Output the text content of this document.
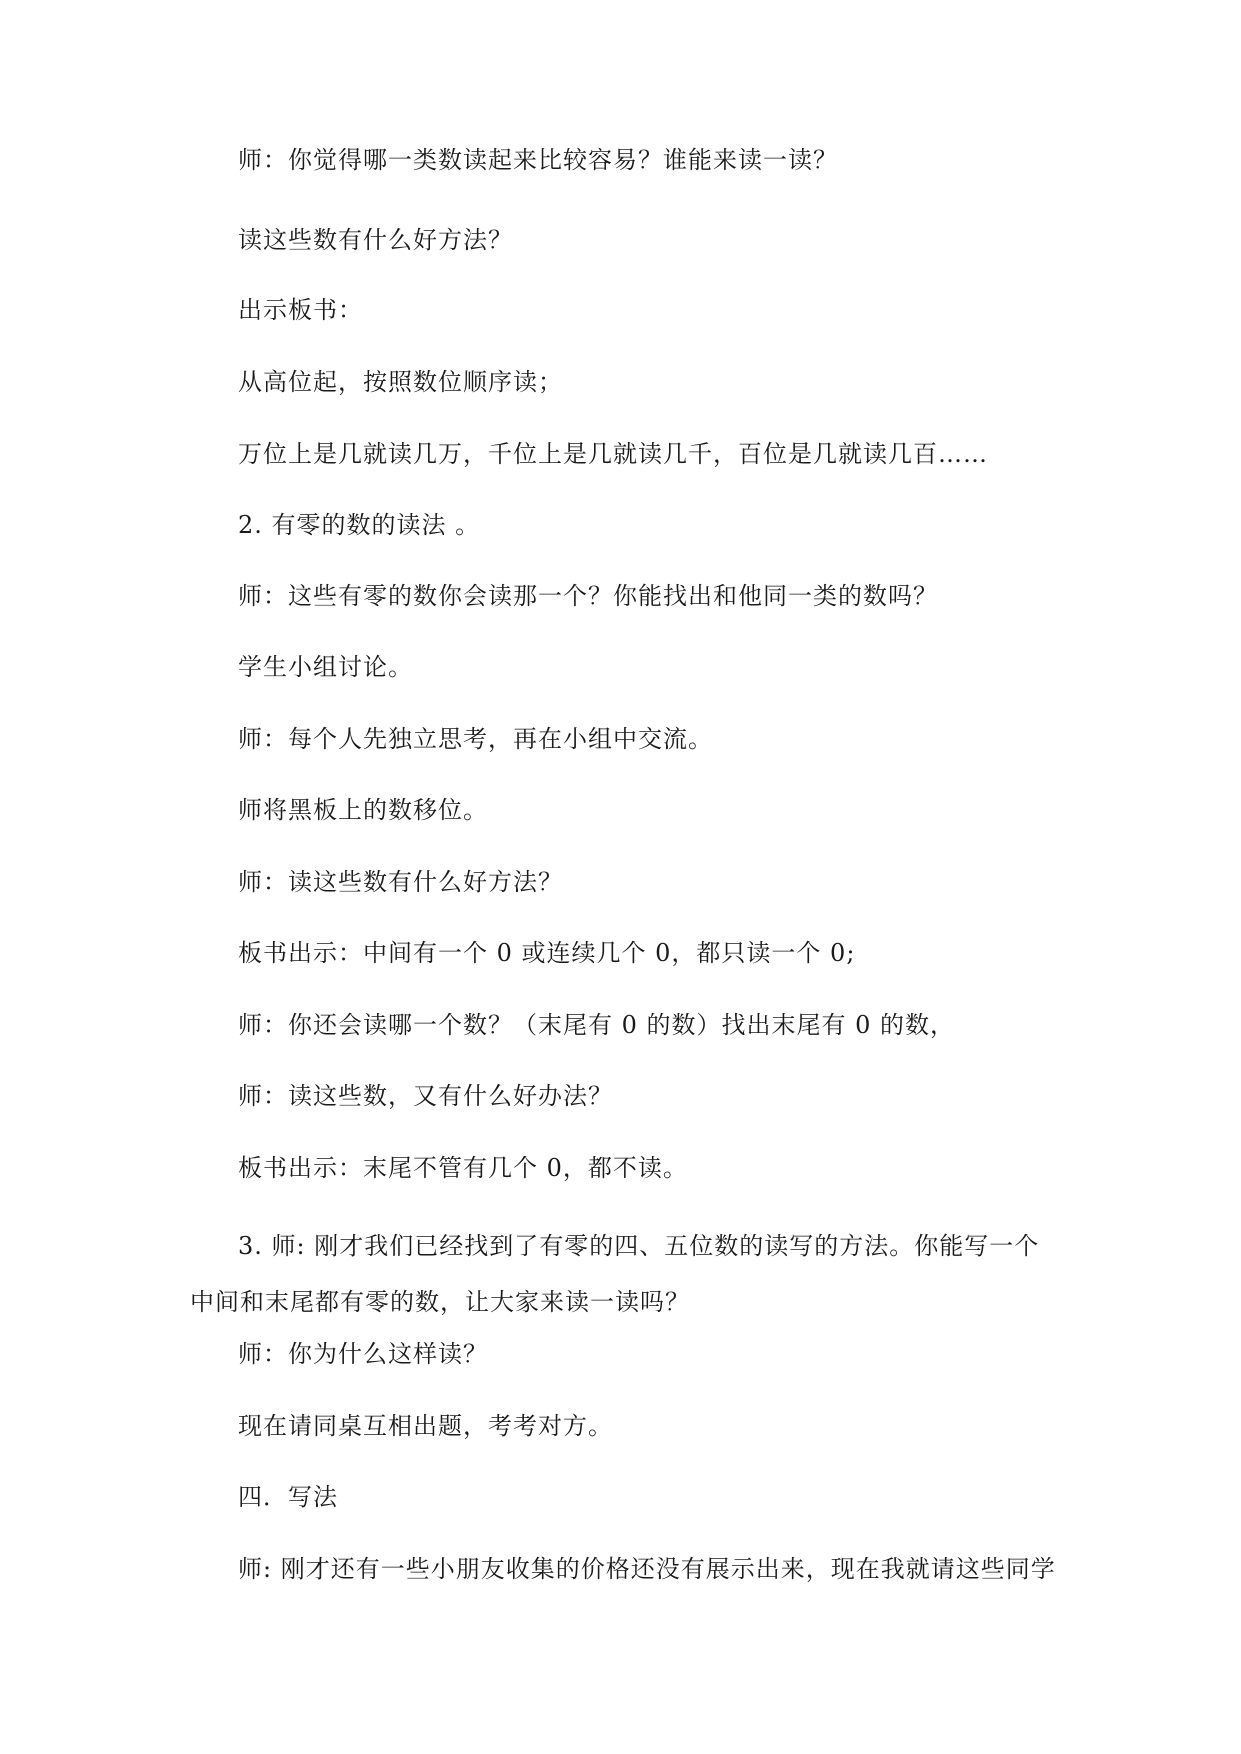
师：你觉得哪一类数读起来比较容易？谁能来读一读？

读这些数有什么好方法？

出示板书：

从高位起，按照数位顺序读；

万位上是几就读几万，千位上是几就读几千，百位是几就读几百……

2. 有零的数的读法 。

师：这些有零的数你会读那一个？你能找出和他同一类的数吗？

学生小组讨论。

师：每个人先独立思考，再在小组中交流。

师将黑板上的数移位。

师：读这些数有什么好方法？

板书出示：中间有一个 0 或连续几个 0，都只读一个 0;

师：你还会读哪一个数？（末尾有 0 的数）找出末尾有 0 的数，

师：读这些数，又有什么好办法？

板书出示：末尾不管有几个 0，都不读。

3. 师: 刚才我们已经找到了有零的四、五位数的读写的方法。你能写一个中间和末尾都有零的数，让大家来读一读吗？

师：你为什么这样读？

现在请同桌互相出题，考考对方。

四．写法

师: 刚才还有一些小朋友收集的价格还没有展示出来，现在我就请这些同学
